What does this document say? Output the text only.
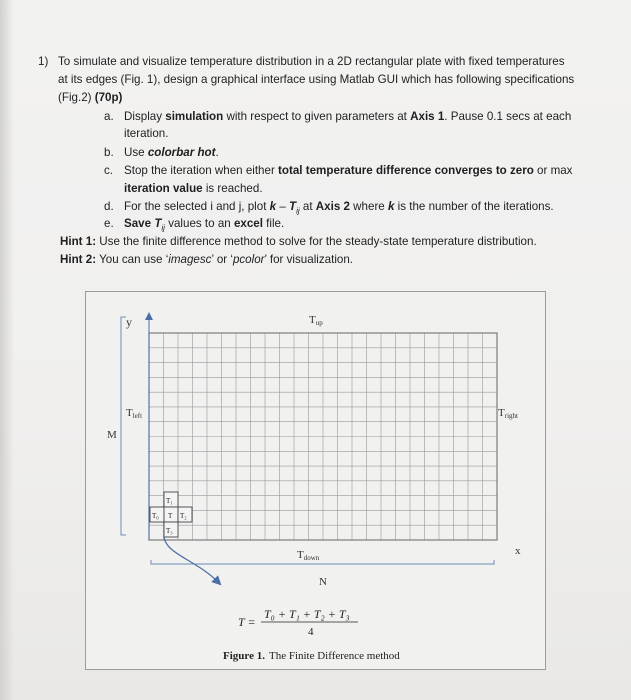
1) To simulate and visualize temperature distribution in a 2D rectangular plate with fixed temperatures
at its edges (Fig. 1), design a graphical interface using Matlab GUI which has following specifications
(Fig.2) (70p)
a. Display simulation with respect to given parameters at Axis 1. Pause 0.1 secs at each
iteration.
b. Use colorbar hot.
c. Stop the iteration when either total temperature difference converges to zero or max
iteration value is reached.
d. For the selected i and j, plot k – $T_{ij}$ at Axis 2 where k is the number of the iterations.
e. Save $T_{ij}$ values to an excel file.
Hint 1: Use the finite difference method to solve for the steady-state temperature distribution.
Hint 2: You can use ‘imagesc’ or ‘pcolor’ for visualization.
y
M
N
x
Tup
Tleft	Tright
Tdown
T₁
T₀ T T₂
T₃
T =
T₀ + T₁ + T₂ + T₃
4
Figure 1. The Finite Difference method
